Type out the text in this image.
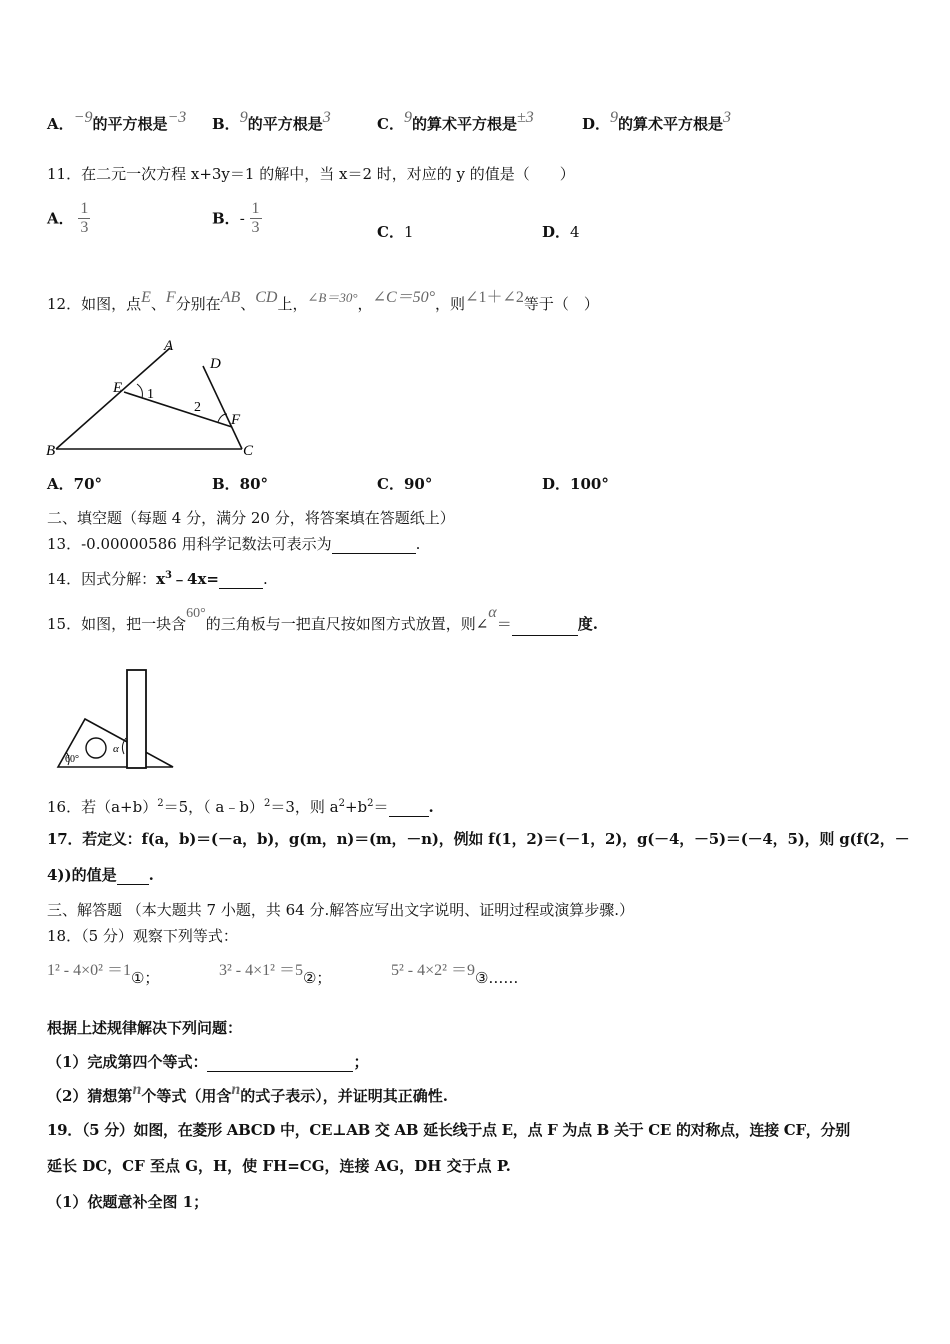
A．−9的平方根是−3 B．9的平方根是3	C．9的算术平方根是±3	D．9的算术平方根是3
11．在二元一次方程 x+3y＝1 的解中，当 x＝2 时，对应的 y 的值是（　　）
A． $\frac{1}{3}$	B．- $\frac{1}{3}$	C．1	D．4
12．如图，点E、F分别在AB、CD上，∠B＝30°，∠C＝50°，则∠1＋∠2等于（　）
A
D
E 1
2
F
B	C
A．70°	B．80°	C．90°	D．100°
二、填空题（每题 4 分，满分 20 分，将答案填在答题纸上）
13．-0.00000586 用科学记数法可表示为	.
14．因式分解：$x^3﹣4x=$	.
15．如图，把一块含60°的三角板与一把直尺按如图方式放置，则∠α＝	度.
60°
α
16．若$(a+b)^2=5$，（ a﹣b）$^2$＝3，则 $a^2+b^2=$	.
17．若定义：f(a，b)＝(－a，b)，g(m，n)＝(m，－n)，例如 f(1，2)＝(－1，2)，g(－4，－5)＝(－4，5)，则 g(f(2，－
4))的值是 .
三、解答题 （本大题共 7 小题，共 64 分.解答应写出文字说明、证明过程或演算步骤.）
18．（5 分）观察下列等式：
1² - 4×0² ＝1①；	3² - 4×1² ＝5②；	5² - 4×2² ＝9③……
根据上述规律解决下列问题：
（1）完成第四个等式：	；
（2）猜想第n个等式（用含n的式子表示），并证明其正确性.
19．（5 分）如图，在菱形 ABCD 中，CE⊥AB 交 AB 延长线于点 E，点 F 为点 B 关于 CE 的对称点，连接 CF，分别
延长 DC，CF 至点 G，H，使 FH=CG，连接 AG，DH 交于点 P.
（1）依题意补全图 1；
